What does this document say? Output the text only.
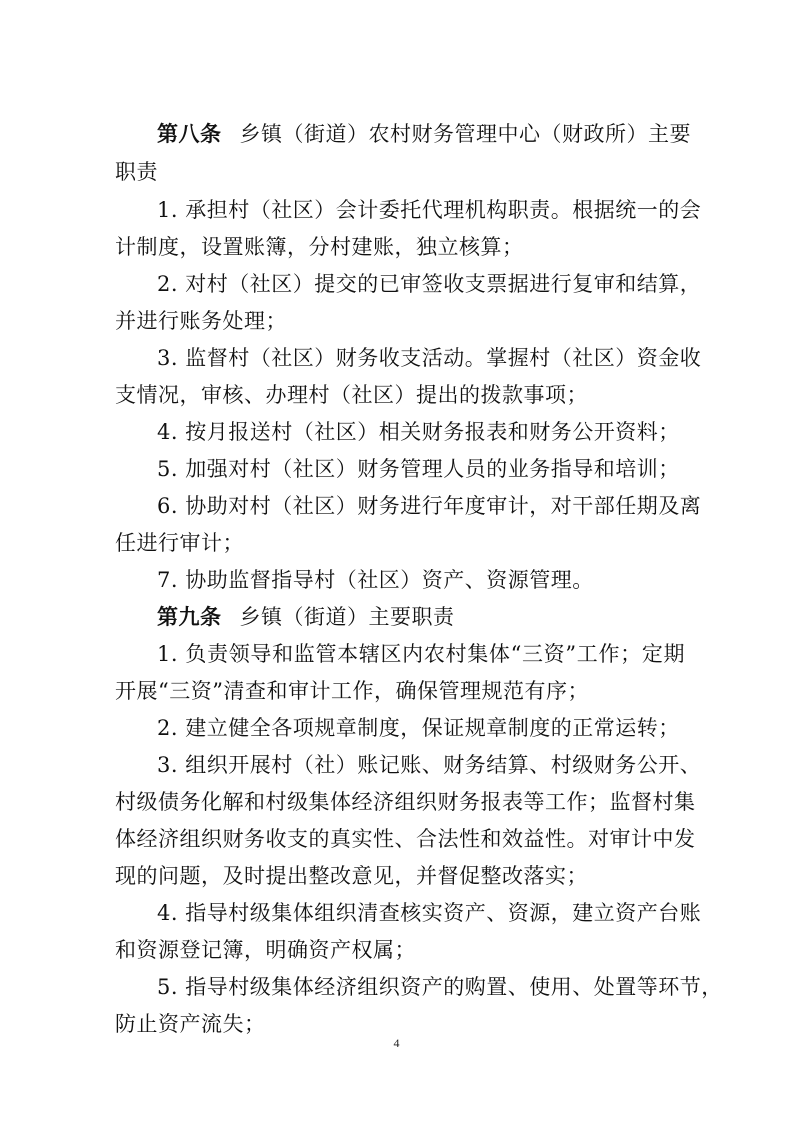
第八条 乡镇（街道）农村财务管理中心（财政所）主要
职责
1. 承担村（社区）会计委托代理机构职责。根据统一的会
计制度，设置账簿，分村建账，独立核算；
2. 对村（社区）提交的已审签收支票据进行复审和结算，
并进行账务处理；
3. 监督村（社区）财务收支活动。掌握村（社区）资金收
支情况，审核、办理村（社区）提出的拨款事项；
4. 按月报送村（社区）相关财务报表和财务公开资料；
5. 加强对村（社区）财务管理人员的业务指导和培训；
6. 协助对村（社区）财务进行年度审计，对干部任期及离
任进行审计；
7. 协助监督指导村（社区）资产、资源管理。
第九条 乡镇（街道）主要职责
1. 负责领导和监管本辖区内农村集体“三资”工作；定期
开展“三资”清查和审计工作，确保管理规范有序；
2. 建立健全各项规章制度，保证规章制度的正常运转；
3. 组织开展村（社）账记账、财务结算、村级财务公开、
村级债务化解和村级集体经济组织财务报表等工作；监督村集
体经济组织财务收支的真实性、合法性和效益性。对审计中发
现的问题，及时提出整改意见，并督促整改落实；
4. 指导村级集体组织清查核实资产、资源，建立资产台账
和资源登记簿，明确资产权属；
5. 指导村级集体经济组织资产的购置、使用、处置等环节，
防止资产流失；
4
